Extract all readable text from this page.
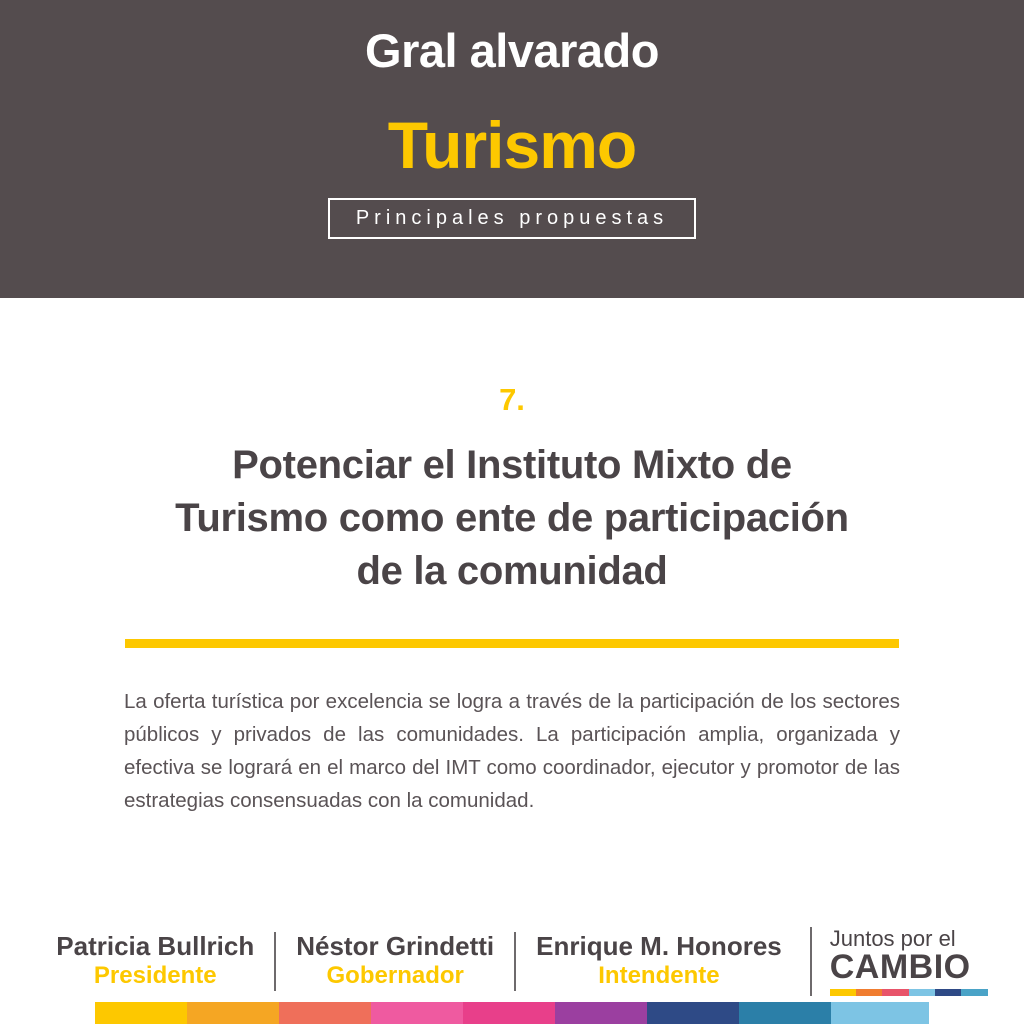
Gral alvarado
Turismo
Principales propuestas
7.
Potenciar el Instituto Mixto de Turismo como ente de participación de la comunidad
La oferta turística por excelencia se logra a través de la participación de los sectores públicos y privados de las comunidades. La participación amplia, organizada y efectiva se logrará en el marco del IMT como coordinador, ejecutor y promotor de las estrategias consensuadas con la comunidad.
Patricia Bullrich
Presidente
Néstor Grindetti
Gobernador
Enrique M. Honores
Intendente
Juntos por el
CAMBIO
